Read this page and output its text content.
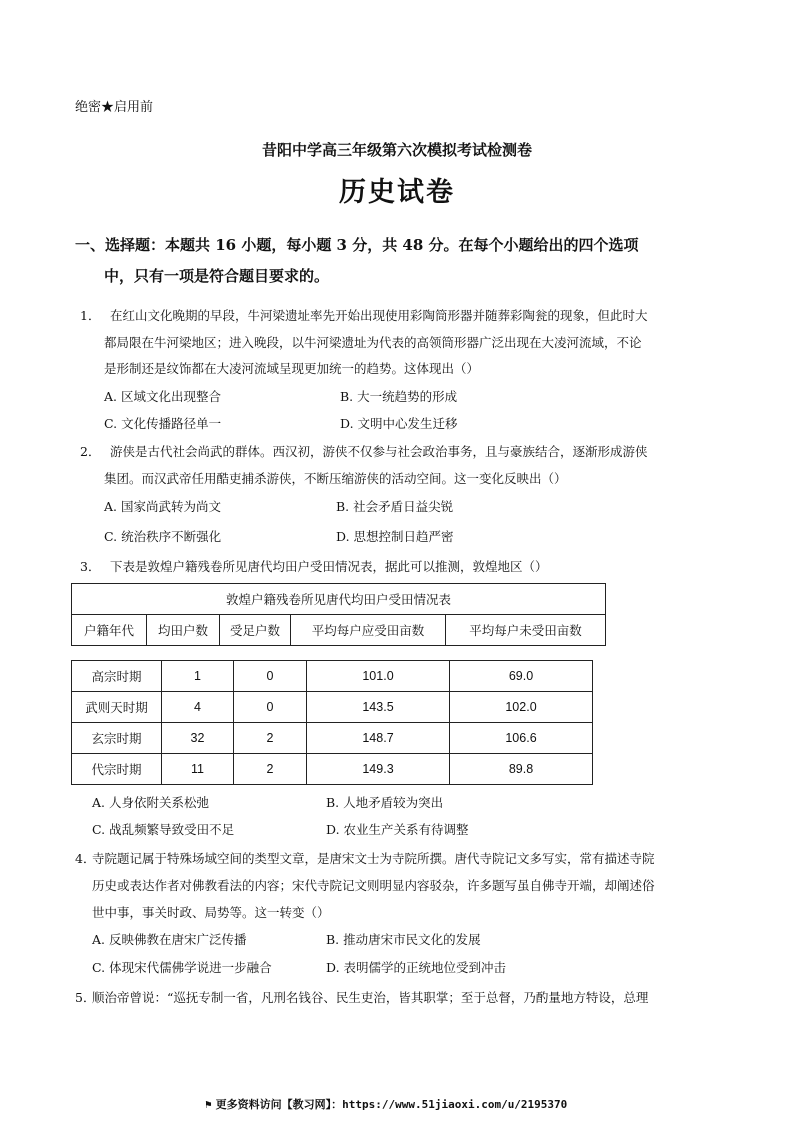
绝密★启用前
昔阳中学高三年级第六次模拟考试检测卷
历史试卷
一、选择题：本题共 16 小题，每小题 3 分，共 48 分。在每个小题给出的四个选项
中，只有一项是符合题目要求的。
1． 在红山文化晚期的早段，牛河梁遗址率先开始出现使用彩陶筒形器并随葬彩陶瓮的现象，但此时大
都局限在牛河梁地区；进入晚段，以牛河梁遗址为代表的高领筒形器广泛出现在大凌河流域，不论
是形制还是纹饰都在大凌河流域呈现更加统一的趋势。这体现出（）
A. 区域文化出现整合	B. 大一统趋势的形成
C. 文化传播路径单一	D. 文明中心发生迁移
2． 游侠是古代社会尚武的群体。西汉初，游侠不仅参与社会政治事务，且与豪族结合，逐渐形成游侠
集团。而汉武帝任用酷吏捕杀游侠，不断压缩游侠的活动空间。这一变化反映出（）
A. 国家尚武转为尚文	B. 社会矛盾日益尖锐
C. 统治秩序不断强化	D. 思想控制日趋严密
3． 下表是敦煌户籍残卷所见唐代均田户受田情况表，据此可以推测，敦煌地区（）
敦煌户籍残卷所见唐代均田户受田情况表
户籍年代	均田户数	受足户数	平均每户应受田亩数	平均每户未受田亩数
高宗时期	1	0	101.0	69.0
武则天时期	4	0	143.5	102.0
玄宗时期	32	2	148.7	106.6
代宗时期	11	2	149.3	89.8
A. 人身依附关系松弛	B. 人地矛盾较为突出
C. 战乱频繁导致受田不足	D. 农业生产关系有待调整
4．寺院题记属于特殊场域空间的类型文章，是唐宋文士为寺院所撰。唐代寺院记文多写实，常有描述寺院
历史或表达作者对佛教看法的内容；宋代寺院记文则明显内容驳杂，许多题写虽自佛寺开端，却阐述俗
世中事，事关时政、局势等。这一转变（）
A. 反映佛教在唐宋广泛传播	B. 推动唐宋市民文化的发展
C. 体现宋代儒佛学说进一步融合	D. 表明儒学的正统地位受到冲击
5．顺治帝曾说：“巡抚专制一省，凡刑名钱谷、民生吏治，皆其职掌；至于总督，乃酌量地方特设，总理
⚑ 更多资料访问【教习网】：https://www.51jiaoxi.com/u/2195370
